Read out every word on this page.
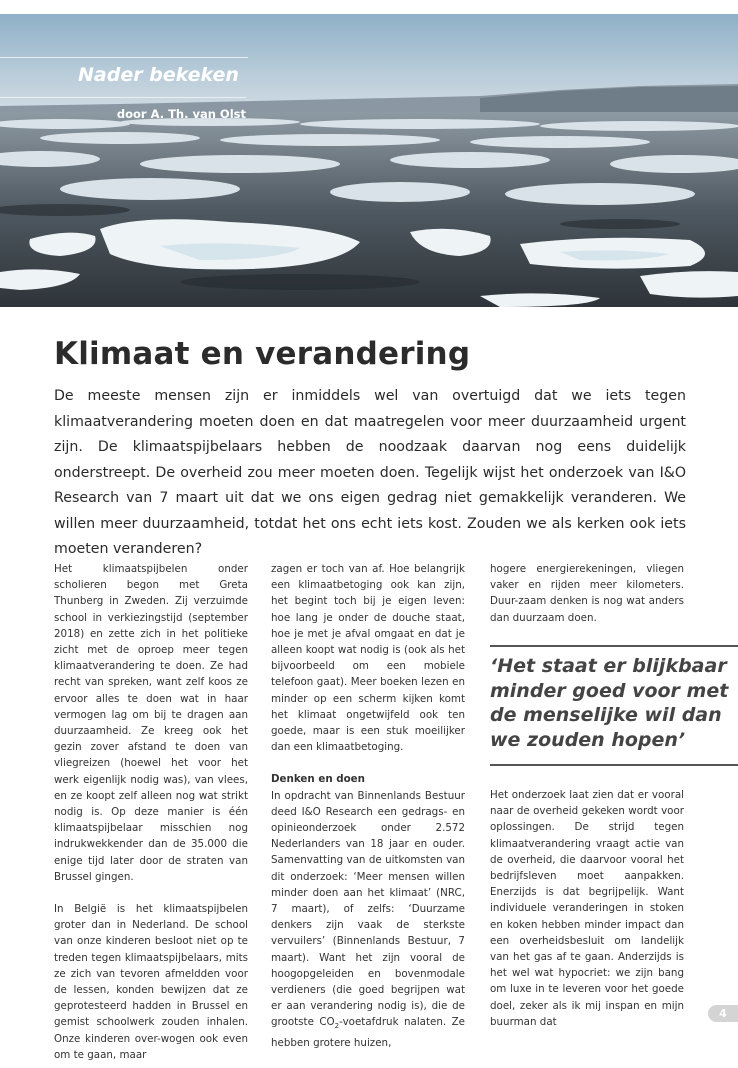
Nader bekeken
door A. Th. van Olst
Klimaat en verandering

De meeste mensen zijn er inmiddels wel van overtuigd dat we iets tegen klimaatverandering moeten doen en dat maatregelen voor meer duurzaamheid urgent zijn. De klimaatspijbelaars hebben de noodzaak daarvan nog eens duidelijk onderstreept. De overheid zou meer moeten doen. Tegelijk wijst het onderzoek van I&O Research van 7 maart uit dat we ons eigen gedrag niet gemakkelijk veranderen. We willen meer duurzaamheid, totdat het ons echt iets kost. Zouden we als kerken ook iets moeten veranderen?

Het klimaatspijbelen onder scholieren begon met Greta Thunberg in Zweden. Zij verzuimde school in verkiezingstijd (september 2018) en zette zich in het politieke zicht met de oproep meer tegen klimaatverandering te doen. Ze had recht van spreken, want zelf koos ze ervoor alles te doen wat in haar vermogen lag om bij te dragen aan duurzaamheid. Ze kreeg ook het gezin zover afstand te doen van vliegreizen (hoewel het voor het werk eigenlijk nodig was), van vlees, en ze koopt zelf alleen nog wat strikt nodig is. Op deze manier is één klimaatspijbelaar misschien nog indrukwekkender dan de 35.000 die enige tijd later door de straten van Brussel gingen.

In België is het klimaatspijbelen groter dan in Nederland. De school van onze kinderen besloot niet op te treden tegen klimaatspijbelaars, mits ze zich van tevoren afmeldden voor de lessen, konden bewijzen dat ze geprotesteerd hadden in Brussel en gemist schoolwerk zouden inhalen. Onze kinderen over-wogen ook even om te gaan, maar

zagen er toch van af. Hoe belangrijk een klimaatbetoging ook kan zijn, het begint toch bij je eigen leven: hoe lang je onder de douche staat, hoe je met je afval omgaat en dat je alleen koopt wat nodig is (ook als het bijvoorbeeld om een mobiele telefoon gaat). Meer boeken lezen en minder op een scherm kijken komt het klimaat ongetwijfeld ook ten goede, maar is een stuk moeilijker dan een klimaatbetoging.

Denken en doen

In opdracht van Binnenlands Bestuur deed I&O Research een gedrags- en opinieonderzoek onder 2.572 Nederlanders van 18 jaar en ouder. Samenvatting van de uitkomsten van dit onderzoek: ‘Meer mensen willen minder doen aan het klimaat’ (NRC, 7 maart), of zelfs: ‘Duurzame denkers zijn vaak de sterkste vervuilers’ (Binnenlands Bestuur, 7 maart). Want het zijn vooral de hoogopgeleiden en bovenmodale verdieners (die goed begrijpen wat er aan verandering nodig is), die de grootste $CO_2$-voetafdruk nalaten. Ze hebben grotere huizen,

hogere energierekeningen, vliegen vaker en rijden meer kilometers. Duur-zaam denken is nog wat anders dan duurzaam doen.

‘Het staat er blijkbaar minder goed voor met de menselijke wil dan we zouden hopen’

Het onderzoek laat zien dat er vooral naar de overheid gekeken wordt voor oplossingen. De strijd tegen klimaatverandering vraagt actie van de overheid, die daarvoor vooral het bedrijfsleven moet aanpakken. Enerzijds is dat begrijpelijk. Want individuele veranderingen in stoken en koken hebben minder impact dan een overheidsbesluit om landelijk van het gas af te gaan. Anderzijds is het wel wat hypocriet: we zijn bang om luxe in te leveren voor het goede doel, zeker als ik mij inspan en mijn buurman dat

4
